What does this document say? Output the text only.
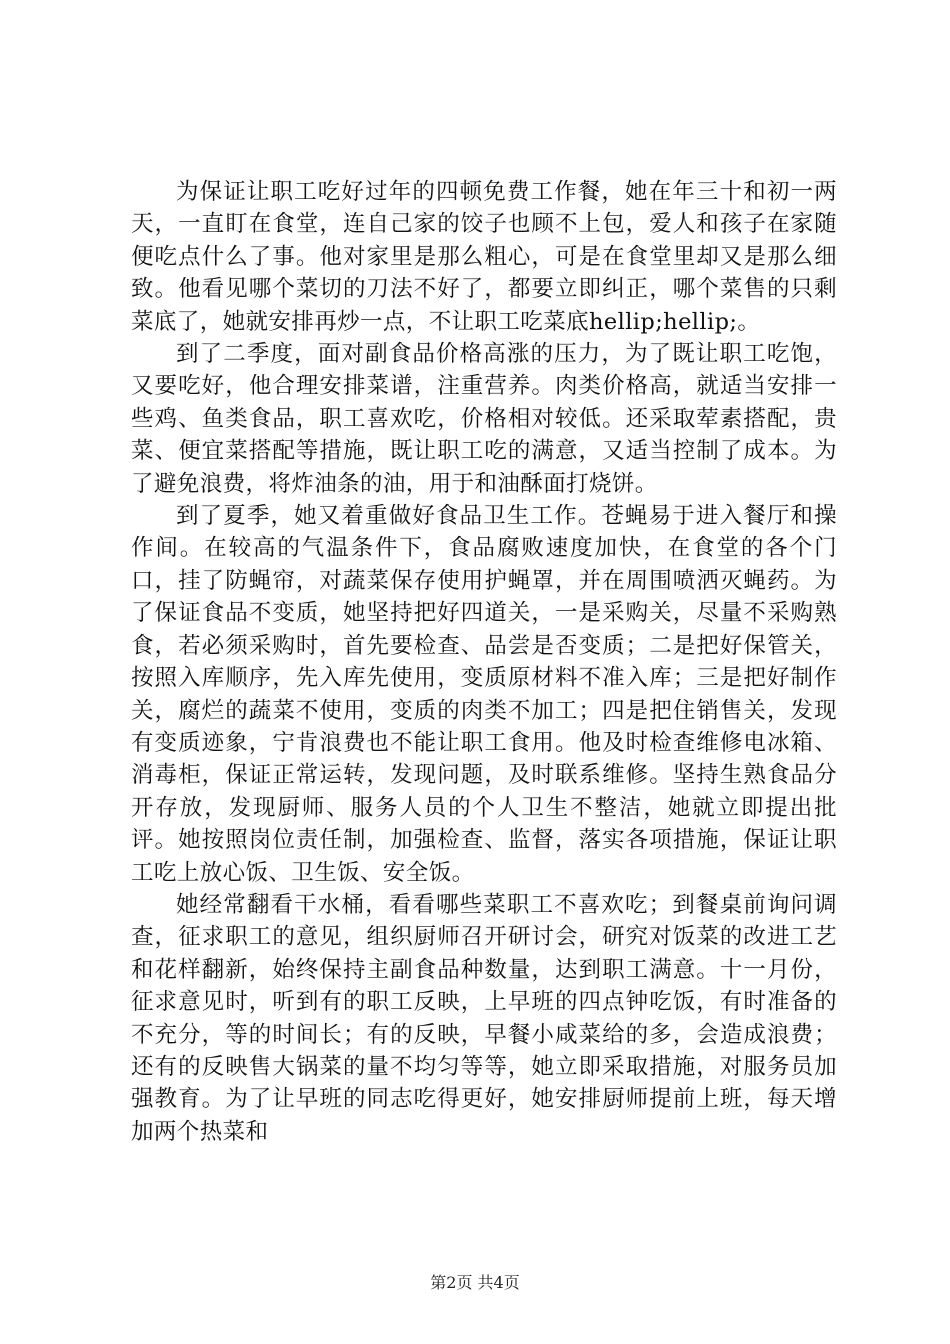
为保证让职工吃好过年的四顿免费工作餐，她在年三十和初一两天，一直盯在食堂，连自己家的饺子也顾不上包，爱人和孩子在家随便吃点什么了事。他对家里是那么粗心，可是在食堂里却又是那么细致。他看见哪个菜切的刀法不好了，都要立即纠正，哪个菜售的只剩菜底了，她就安排再炒一点，不让职工吃菜底hellip;hellip;。

到了二季度，面对副食品价格高涨的压力，为了既让职工吃饱，又要吃好，他合理安排菜谱，注重营养。肉类价格高，就适当安排一些鸡、鱼类食品，职工喜欢吃，价格相对较低。还采取荤素搭配，贵菜、便宜菜搭配等措施，既让职工吃的满意，又适当控制了成本。为了避免浪费，将炸油条的油，用于和油酥面打烧饼。

到了夏季，她又着重做好食品卫生工作。苍蝇易于进入餐厅和操作间。在较高的气温条件下，食品腐败速度加快，在食堂的各个门口，挂了防蝇帘，对蔬菜保存使用护蝇罩，并在周围喷洒灭蝇药。为了保证食品不变质，她坚持把好四道关，一是采购关，尽量不采购熟食，若必须采购时，首先要检查、品尝是否变质；二是把好保管关，按照入库顺序，先入库先使用，变质原材料不准入库；三是把好制作关，腐烂的蔬菜不使用，变质的肉类不加工；四是把住销售关，发现有变质迹象，宁肯浪费也不能让职工食用。他及时检查维修电冰箱、消毒柜，保证正常运转，发现问题，及时联系维修。坚持生熟食品分开存放，发现厨师、服务人员的个人卫生不整洁，她就立即提出批评。她按照岗位责任制，加强检查、监督，落实各项措施，保证让职工吃上放心饭、卫生饭、安全饭。

她经常翻看干水桶，看看哪些菜职工不喜欢吃；到餐桌前询问调查，征求职工的意见，组织厨师召开研讨会，研究对饭菜的改进工艺和花样翻新，始终保持主副食品种数量，达到职工满意。十一月份，征求意见时，听到有的职工反映，上早班的四点钟吃饭，有时准备的不充分，等的时间长；有的反映，早餐小咸菜给的多，会造成浪费；还有的反映售大锅菜的量不均匀等等，她立即采取措施，对服务员加强教育。为了让早班的同志吃得更好，她安排厨师提前上班，每天增加两个热菜和

第2页 共4页
